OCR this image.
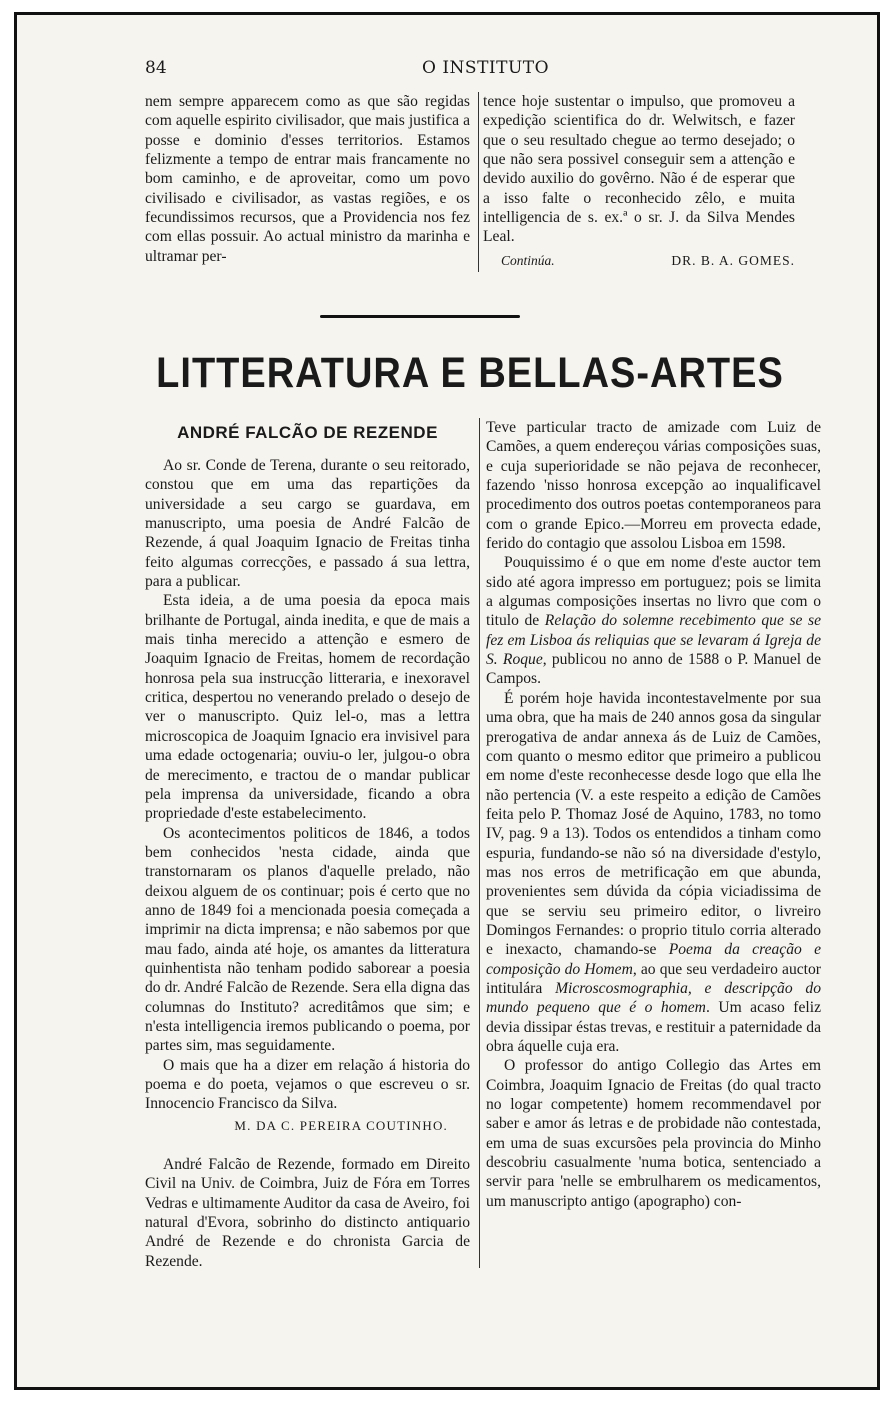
84	O INSTITUTO

nem sempre apparecem como as que são regidas com aquelle espirito civilisador, que mais justifica a posse e dominio d'esses territorios. Estamos felizmente a tempo de entrar mais francamente no bom caminho, e de aproveitar, como um povo civilisado e civilisador, as vastas regiões, e os fecundissimos recursos, que a Providencia nos fez com ellas possuir. Ao actual ministro da marinha e ultramar per-

tence hoje sustentar o impulso, que promoveu a expedição scientifica do dr. Welwitsch, e fazer que o seu resultado chegue ao termo desejado; o que não sera possivel conseguir sem a attenção e devido auxilio do govêrno. Não é de esperar que a isso falte o reconhecido zêlo, e muita intelligencia de s. ex.ª o sr. J. da Silva Mendes Leal.

Continúa.	DR. B. A. GOMES.
LITTERATURA E BELLAS-ARTES
ANDRÉ FALCÃO DE REZENDE

Ao sr. Conde de Terena, durante o seu reitorado, constou que em uma das repartições da universidade a seu cargo se guardava, em manuscripto, uma poesia de André Falcão de Rezende, á qual Joaquim Ignacio de Freitas tinha feito algumas correcções, e passado á sua lettra, para a publicar.

Esta ideia, a de uma poesia da epoca mais brilhante de Portugal, ainda inedita, e que de mais a mais tinha merecido a attenção e esmero de Joaquim Ignacio de Freitas, homem de recordação honrosa pela sua instrucção litteraria, e inexoravel critica, despertou no venerando prelado o desejo de ver o manuscripto. Quiz lel-o, mas a lettra microscopica de Joaquim Ignacio era invisivel para uma edade octogenaria; ouviu-o ler, julgou-o obra de merecimento, e tractou de o mandar publicar pela imprensa da universidade, ficando a obra propriedade d'este estabelecimento.

Os acontecimentos politicos de 1846, a todos bem conhecidos 'nesta cidade, ainda que transtornaram os planos d'aquelle prelado, não deixou alguem de os continuar; pois é certo que no anno de 1849 foi a mencionada poesia começada a imprimir na dicta imprensa; e não sabemos por que mau fado, ainda até hoje, os amantes da litteratura quinhentista não tenham podido saborear a poesia do dr. André Falcão de Rezende. Sera ella digna das columnas do Instituto? acreditâmos que sim; e n'esta intelligencia iremos publicando o poema, por partes sim, mas seguidamente.

O mais que ha a dizer em relação á historia do poema e do poeta, vejamos o que escreveu o sr. Innocencio Francisco da Silva.

M. DA C. PEREIRA COUTINHO.

André Falcão de Rezende, formado em Direito Civil na Univ. de Coimbra, Juiz de Fóra em Torres Vedras e ultimamente Auditor da casa de Aveiro, foi natural d'Evora, sobrinho do distincto antiquario André de Rezende e do chronista Garcia de Rezende.

Teve particular tracto de amizade com Luiz de Camões, a quem endereçou várias composições suas, e cuja superioridade se não pejava de reconhecer, fazendo 'nisso honrosa excepção ao inqualificavel procedimento dos outros poetas contemporaneos para com o grande Epico.—Morreu em provecta edade, ferido do contagio que assolou Lisboa em 1598.

Pouquissimo é o que em nome d'este auctor tem sido até agora impresso em portuguez; pois se limita a algumas composições insertas no livro que com o titulo de Relação do solemne recebimento que se se fez em Lisboa ás reliquias que se levaram á Igreja de S. Roque, publicou no anno de 1588 o P. Manuel de Campos.

É porém hoje havida incontestavelmente por sua uma obra, que ha mais de 240 annos gosa da singular prerogativa de andar annexa ás de Luiz de Camões, com quanto o mesmo editor que primeiro a publicou em nome d'este reconhecesse desde logo que ella lhe não pertencia (V. a este respeito a edição de Camões feita pelo P. Thomaz José de Aquino, 1783, no tomo IV, pag. 9 a 13). Todos os entendidos a tinham como espuria, fundando-se não só na diversidade d'estylo, mas nos erros de metrificação em que abunda, provenientes sem dúvida da cópia viciadissima de que se serviu seu primeiro editor, o livreiro Domingos Fernandes: o proprio titulo corria alterado e inexacto, chamando-se Poema da creação e composição do Homem, ao que seu verdadeiro auctor intitulára Microscosmographia, e descripção do mundo pequeno que é o homem. Um acaso feliz devia dissipar éstas trevas, e restituir a paternidade da obra áquelle cuja era.

O professor do antigo Collegio das Artes em Coimbra, Joaquim Ignacio de Freitas (do qual tracto no logar competente) homem recommendavel por saber e amor ás letras e de probidade não contestada, em uma de suas excursões pela provincia do Minho descobriu casualmente 'numa botica, sentenciado a servir para 'nelle se embrulharem os medicamentos, um manuscripto antigo (apographo) con-
